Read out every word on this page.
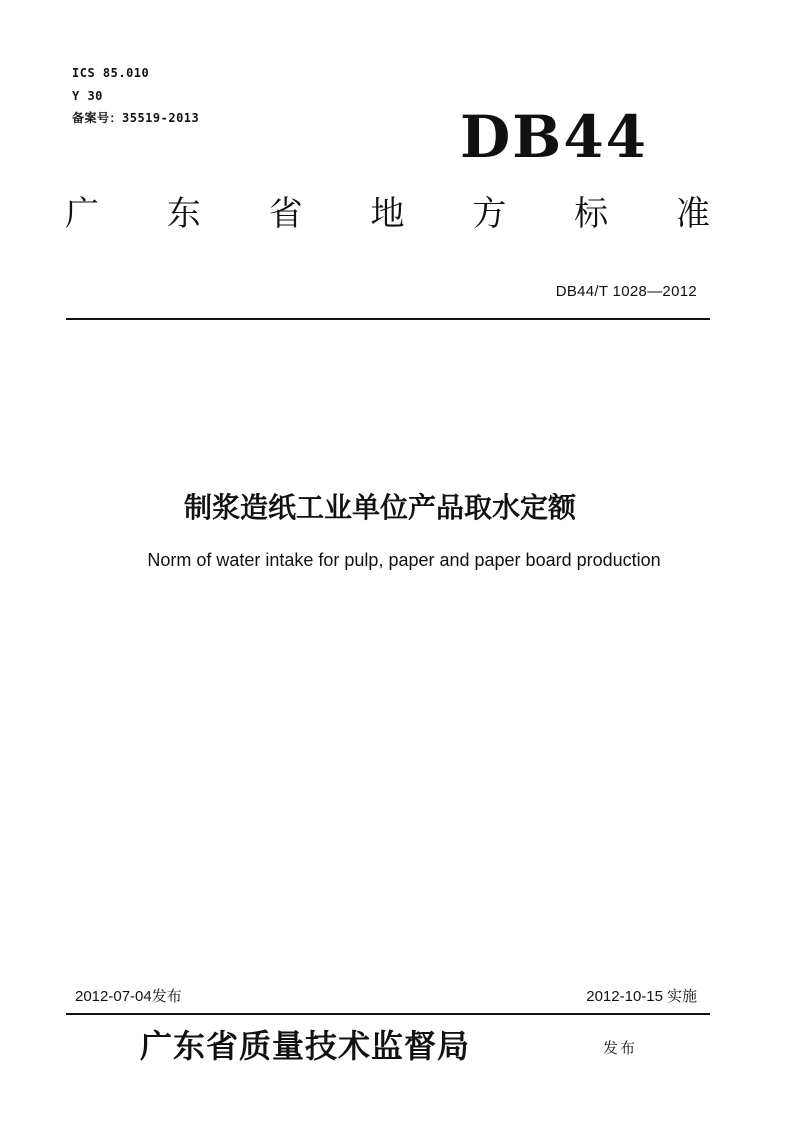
ICS 85.010
Y 30
备案号：35519-2013	DB44
广 东 省 地 方 标 准
DB44/T 1028—2012
制浆造纸工业单位产品取水定额
Norm of water intake for pulp, paper and paper board production
2012-07-04发布	2012-10-15 实施
广东省质量技术监督局	发布
